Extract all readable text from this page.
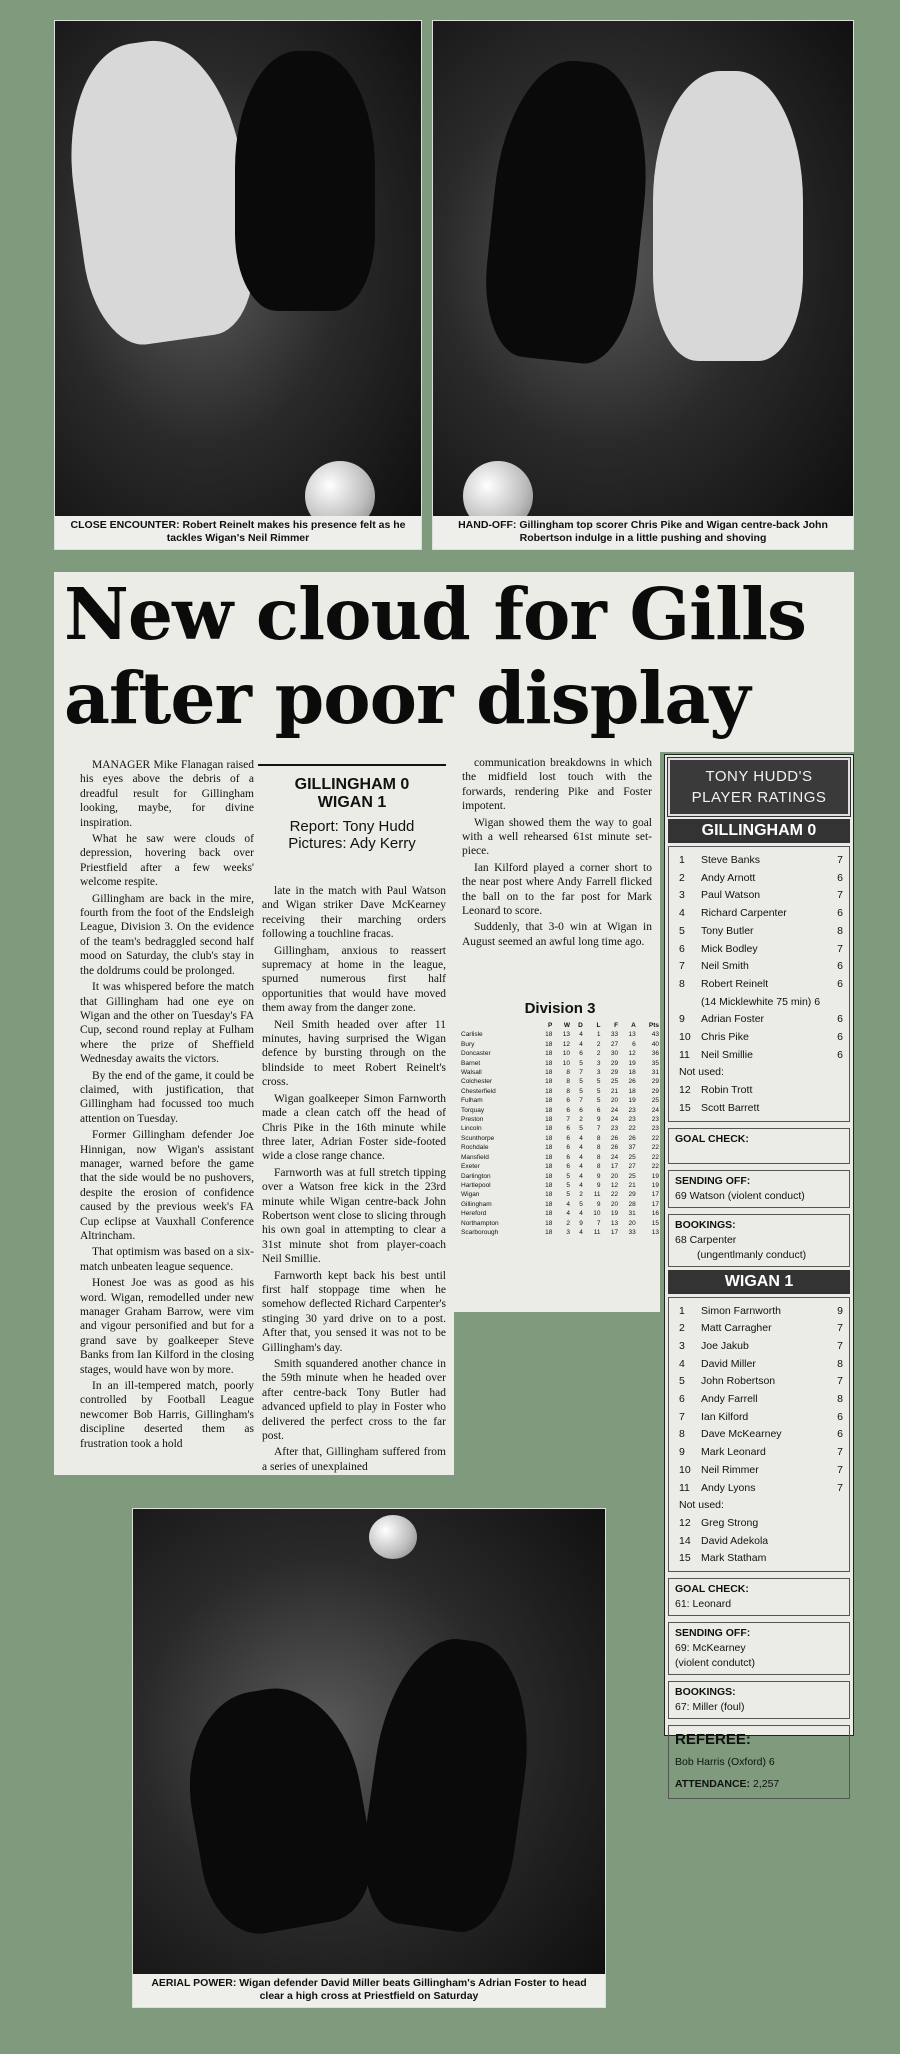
CLOSE ENCOUNTER: Robert Reinelt makes his presence felt as he tackles Wigan's Neil Rimmer
HAND-OFF: Gillingham top scorer Chris Pike and Wigan centre-back John Robertson indulge in a little pushing and shoving
New cloud for Gills
after poor display

MANAGER Mike Flanagan raised his eyes above the debris of a dreadful result for Gillingham looking, maybe, for divine inspiration.

What he saw were clouds of depression, hovering back over Priestfield after a few weeks' welcome respite.

Gillingham are back in the mire, fourth from the foot of the Endsleigh League, Division 3. On the evidence of the team's bedraggled second half mood on Saturday, the club's stay in the doldrums could be prolonged.

It was whispered before the match that Gillingham had one eye on Wigan and the other on Tuesday's FA Cup, second round replay at Fulham where the prize of Sheffield Wednesday awaits the victors.

By the end of the game, it could be claimed, with justification, that Gillingham had focussed too much attention on Tuesday.

Former Gillingham defender Joe Hinnigan, now Wigan's assistant manager, warned before the game that the side would be no pushovers, despite the erosion of confidence caused by the previous week's FA Cup eclipse at Vauxhall Conference Altrincham.

That optimism was based on a six-match unbeaten league sequence.

Honest Joe was as good as his word. Wigan, remodelled under new manager Graham Barrow, were vim and vigour personified and but for a grand save by goalkeeper Steve Banks from Ian Kilford in the closing stages, would have won by more.

In an ill-tempered match, poorly controlled by Football League newcomer Bob Harris, Gillingham's discipline deserted them as frustration took a hold

GILLINGHAM 0
WIGAN 1
Report: Tony Hudd
Pictures: Ady Kerry

late in the match with Paul Watson and Wigan striker Dave McKearney receiving their marching orders following a touchline fracas.

Gillingham, anxious to reassert supremacy at home in the league, spurned numerous first half opportunities that would have moved them away from the danger zone.

Neil Smith headed over after 11 minutes, having surprised the Wigan defence by bursting through on the blindside to meet Robert Reinelt's cross.

Wigan goalkeeper Simon Farnworth made a clean catch off the head of Chris Pike in the 16th minute while three later, Adrian Foster side-footed wide a close range chance.

Farnworth was at full stretch tipping over a Watson free kick in the 23rd minute while Wigan centre-back John Robertson went close to slicing through his own goal in attempting to clear a 31st minute shot from player-coach Neil Smillie.

Farnworth kept back his best until first half stoppage time when he somehow deflected Richard Carpenter's stinging 30 yard drive on to a post. After that, you sensed it was not to be Gillingham's day.

Smith squandered another chance in the 59th minute when he headed over after centre-back Tony Butler had advanced upfield to play in Foster who delivered the perfect cross to the far post.

After that, Gillingham suffered from a series of unexplained

communication breakdowns in which the midfield lost touch with the forwards, rendering Pike and Foster impotent.

Wigan showed them the way to goal with a well rehearsed 61st minute set-piece.

Ian Kilford played a corner short to the near post where Andy Farrell flicked the ball on to the far post for Mark Leonard to score.

Suddenly, that 3-0 win at Wigan in August seemed an awful long time ago.

Division 3
	P	W	D	L	F	A	Pts
Carlisle	18	13	4	1	33	13	43
Bury	18	12	4	2	27	6	40
Doncaster	18	10	6	2	30	12	36
Barnet	18	10	5	3	29	19	35
Walsall	18	8	7	3	29	18	31
Colchester	18	8	5	5	25	26	29
Chesterfield	18	8	5	5	21	18	29
Fulham	18	6	7	5	20	19	25
Torquay	18	6	6	6	24	23	24
Preston	18	7	2	9	24	23	23
Lincoln	18	6	5	7	23	22	23
Scunthorpe	18	6	4	8	26	26	22
Rochdale	18	6	4	8	26	37	22
Mansfield	18	6	4	8	24	25	22
Exeter	18	6	4	8	17	27	22
Darlington	18	5	4	9	20	25	19
Hartlepool	18	5	4	9	12	21	19
Wigan	18	5	2	11	22	29	17
Gillingham	18	4	5	9	20	28	17
Hereford	18	4	4	10	19	31	16
Northampton	18	2	9	7	13	20	15
Scarborough	18	3	4	11	17	33	13
TONY HUDD'S
PLAYER RATINGS
GILLINGHAM 0
1	Steve Banks	7
2	Andy Arnott	6
3	Paul Watson	7
4	Richard Carpenter	6
5	Tony Butler	8
6	Mick Bodley	7
7	Neil Smith	6
8	Robert Reinelt	6
(14 Micklewhite 75 min) 6
9	Adrian Foster	6
10 Chris Pike	6
11	Neil Smillie	6
Not used:
12 Robin Trott
15 Scott Barrett
GOAL CHECK:
SENDING OFF:
69 Watson (violent conduct)
BOOKINGS:
68 Carpenter
(ungentlmanly conduct)
WIGAN 1
1	Simon Farnworth	9
2	Matt Carragher	7
3	Joe Jakub	7
4	David Miller	8
5	John Robertson	7
6	Andy Farrell	8
7	Ian Kilford	6
8	Dave McKearney	6
9	Mark Leonard	7
10 Neil Rimmer	7
11	Andy Lyons	7
Not used:
12 Greg Strong
14 David Adekola
15 Mark Statham
GOAL CHECK:
61: Leonard
SENDING OFF:
69: McKearney
(violent condutct)
BOOKINGS:
67: Miller (foul)
REFEREE:
Bob Harris (Oxford) 6
ATTENDANCE: 2,257
AERIAL POWER: Wigan defender David Miller beats Gillingham's Adrian Foster to head clear a high cross at Priestfield on Saturday
